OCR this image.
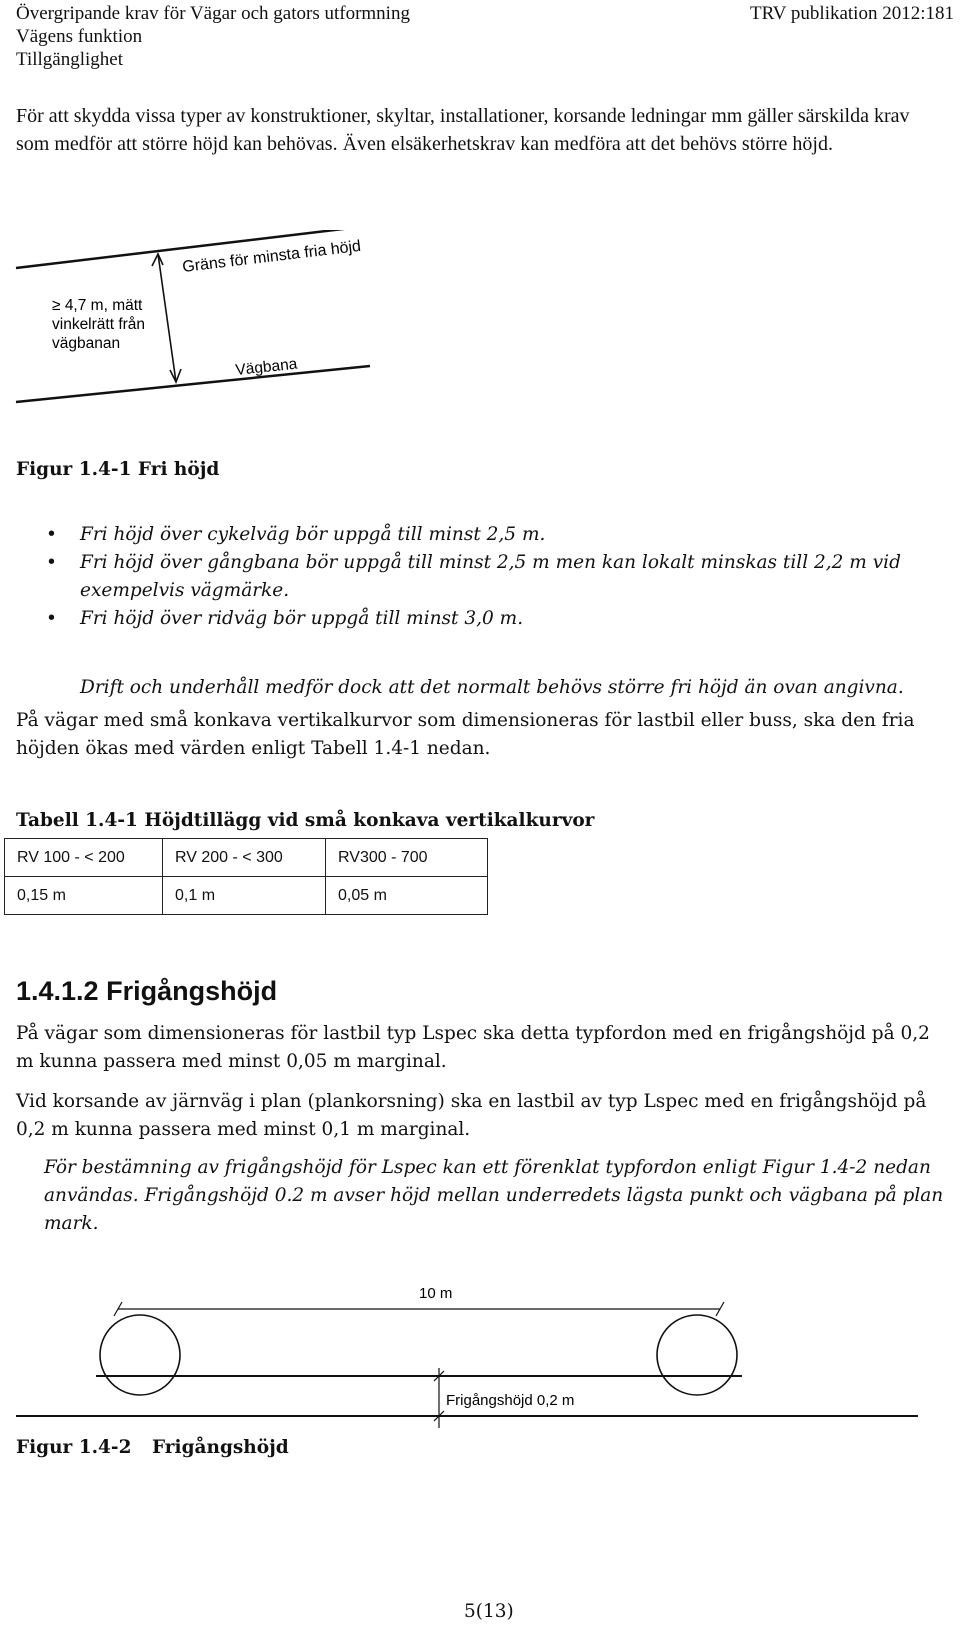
Övergripande krav för Vägar och gators utformning
Vägens funktion
Tillgänglighet
TRV publikation 2012:181
För att skydda vissa typer av konstruktioner, skyltar, installationer, korsande ledningar mm gäller särskilda krav som medför att större höjd kan behövas. Även elsäkerhetskrav kan medföra att det behövs större höjd.
Gräns för minsta fria höjd
≥ 4,7 m, mätt
vinkelrätt från
vägbanan
Vägbana
Figur 1.4-1 Fri höjd
• Fri höjd över cykelväg bör uppgå till minst 2,5 m.
• Fri höjd över gångbana bör uppgå till minst 2,5 m men kan lokalt minskas till 2,2 m vid exempelvis vägmärke.
• Fri höjd över ridväg bör uppgå till minst 3,0 m.
Drift och underhåll medför dock att det normalt behövs större fri höjd än ovan angivna.
På vägar med små konkava vertikalkurvor som dimensioneras för lastbil eller buss, ska den fria höjden ökas med värden enligt Tabell 1.4-1 nedan.
Tabell 1.4-1 Höjdtillägg vid små konkava vertikalkurvor
RV 100 - < 200	RV 200 - < 300	RV300 - 700
0,15 m	0,1 m	0,05 m
1.4.1.2 Frigångshöjd
På vägar som dimensioneras för lastbil typ Lspec ska detta typfordon med en frigångshöjd på 0,2 m kunna passera med minst 0,05 m marginal.
Vid korsande av järnväg i plan (plankorsning) ska en lastbil av typ Lspec med en frigångshöjd på 0,2 m kunna passera med minst 0,1 m marginal.
För bestämning av frigångshöjd för Lspec kan ett förenklat typfordon enligt Figur 1.4-2 nedan användas. Frigångshöjd 0.2 m avser höjd mellan underredets lägsta punkt och vägbana på plan mark.
10 m
Frigångshöjd 0,2 m
Figur 1.4-2 Frigångshöjd
5(13)
